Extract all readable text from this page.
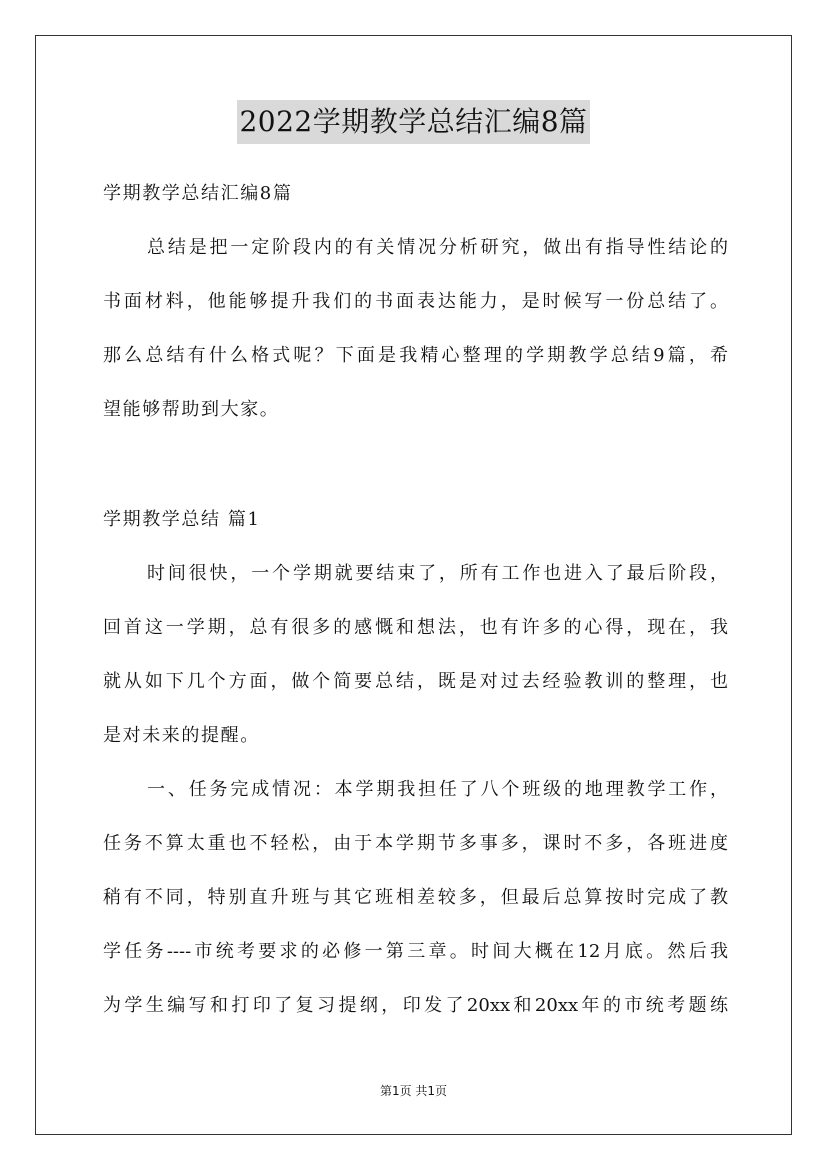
2022学期教学总结汇编8篇
学期教学总结汇编8篇
总结是把一定阶段内的有关情况分析研究，做出有指导性结论的
书面材料，他能够提升我们的书面表达能力，是时候写一份总结了。
那么总结有什么格式呢？下面是我精心整理的学期教学总结9篇，希
望能够帮助到大家。
学期教学总结 篇1
时间很快，一个学期就要结束了，所有工作也进入了最后阶段，
回首这一学期，总有很多的感慨和想法，也有许多的心得，现在，我
就从如下几个方面，做个简要总结，既是对过去经验教训的整理，也
是对未来的提醒。
一、任务完成情况：本学期我担任了八个班级的地理教学工作，
任务不算太重也不轻松，由于本学期节多事多，课时不多，各班进度
稍有不同，特别直升班与其它班相差较多，但最后总算按时完成了教
学任务----市统考要求的必修一第三章。时间大概在12月底。然后我
为学生编写和打印了复习提纲，印发了20xx和20xx年的市统考题练
第1页 共1页
